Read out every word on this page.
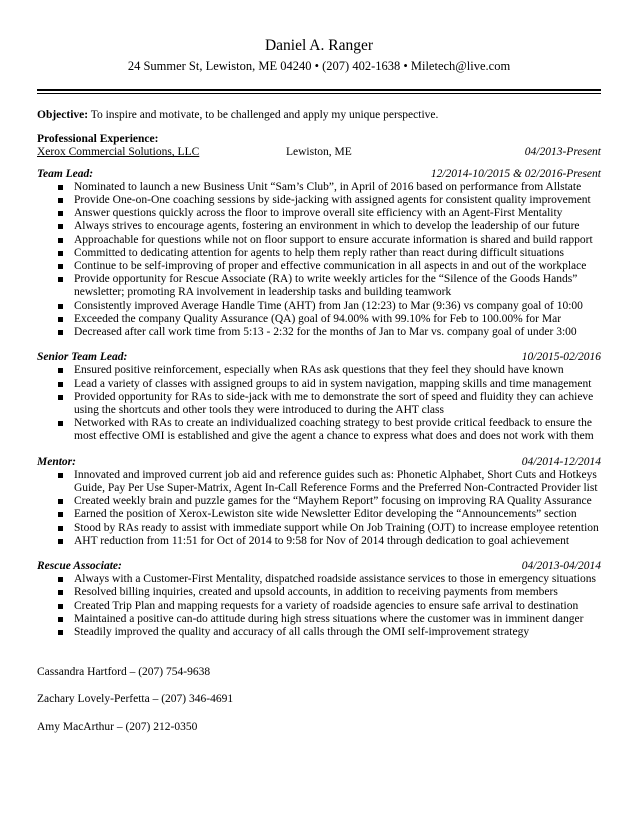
Daniel A. Ranger
24 Summer St, Lewiston, ME 04240 • (207) 402-1638 • Miletech@live.com

Objective: To inspire and motivate, to be challenged and apply my unique perspective.

Professional Experience:
Xerox Commercial Solutions, LLC	Lewiston, ME	04/2013-Present
Team Lead:	12/2014-10/2015 & 02/2016-Present
Nominated to launch a new Business Unit “Sam’s Club”, in April of 2016 based on performance from Allstate
Provide One-on-One coaching sessions by side-jacking with assigned agents for consistent quality improvement
Answer questions quickly across the floor to improve overall site efficiency with an Agent-First Mentality
Always strives to encourage agents, fostering an environment in which to develop the leadership of our future
Approachable for questions while not on floor support to ensure accurate information is shared and build rapport
Committed to dedicating attention for agents to help them reply rather than react during difficult situations
Continue to be self-improving of proper and effective communication in all aspects in and out of the workplace
Provide opportunity for Rescue Associate (RA) to write weekly articles for the “Silence of the Goods Hands” newsletter; promoting RA involvement in leadership tasks and building teamwork
Consistently improved Average Handle Time (AHT) from Jan (12:23) to Mar (9:36) vs company goal of 10:00
Exceeded the company Quality Assurance (QA) goal of 94.00% with 99.10% for Feb to 100.00% for Mar
Decreased after call work time from 5:13 - 2:32 for the months of Jan to Mar vs. company goal of under 3:00
Senior Team Lead:	10/2015-02/2016
Ensured positive reinforcement, especially when RAs ask questions that they feel they should have known
Lead a variety of classes with assigned groups to aid in system navigation, mapping skills and time management
Provided opportunity for RAs to side-jack with me to demonstrate the sort of speed and fluidity they can achieve using the shortcuts and other tools they were introduced to during the AHT class
Networked with RAs to create an individualized coaching strategy to best provide critical feedback to ensure the most effective OMI is established and give the agent a chance to express what does and does not work with them
Mentor:	04/2014-12/2014
Innovated and improved current job aid and reference guides such as: Phonetic Alphabet, Short Cuts and Hotkeys Guide, Pay Per Use Super-Matrix, Agent In-Call Reference Forms and the Preferred Non-Contracted Provider list
Created weekly brain and puzzle games for the “Mayhem Report” focusing on improving RA Quality Assurance
Earned the position of Xerox-Lewiston site wide Newsletter Editor developing the “Announcements” section
Stood by RAs ready to assist with immediate support while On Job Training (OJT) to increase employee retention
AHT reduction from 11:51 for Oct of 2014 to 9:58 for Nov of 2014 through dedication to goal achievement
Rescue Associate:	04/2013-04/2014
Always with a Customer-First Mentality, dispatched roadside assistance services to those in emergency situations
Resolved billing inquiries, created and upsold accounts, in addition to receiving payments from members
Created Trip Plan and mapping requests for a variety of roadside agencies to ensure safe arrival to destination
Maintained a positive can-do attitude during high stress situations where the customer was in imminent danger
Steadily improved the quality and accuracy of all calls through the OMI self-improvement strategy
Cassandra Hartford – (207) 754-9638
Zachary Lovely-Perfetta – (207) 346-4691
Amy MacArthur – (207) 212-0350
